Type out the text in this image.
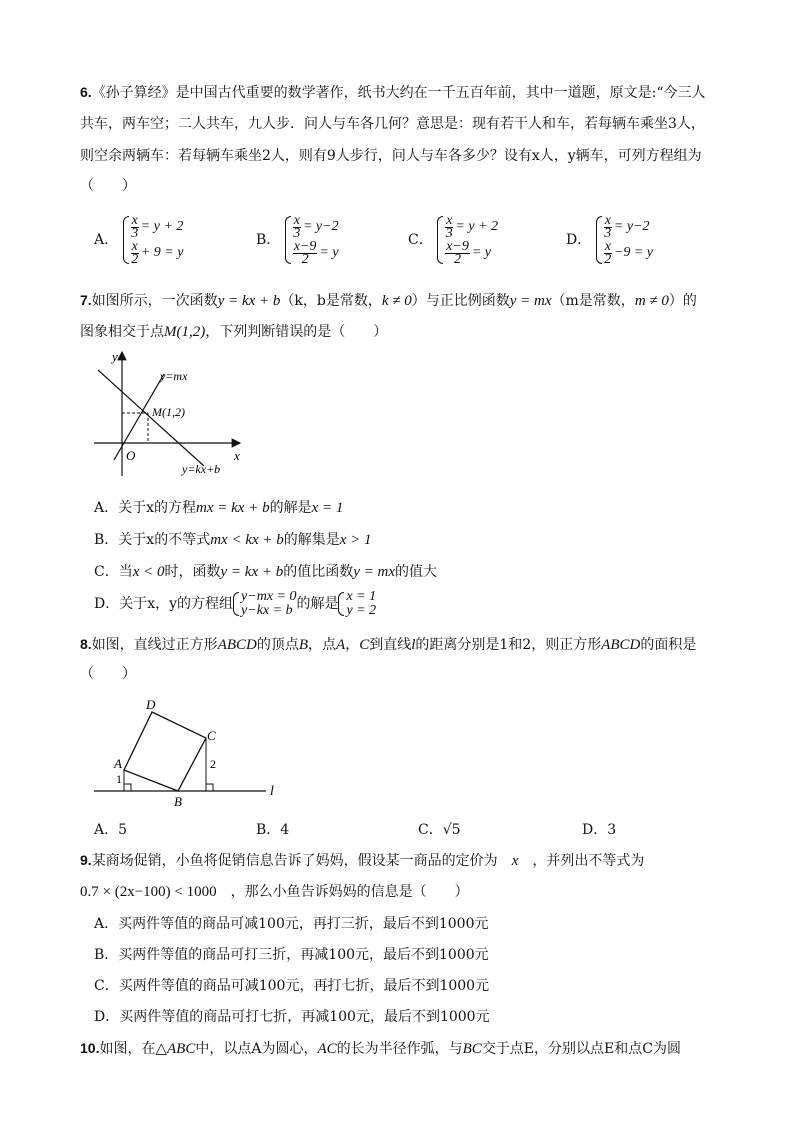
6.《孙子算经》是中国古代重要的数学著作，纸书大约在一千五百年前，其中一道题，原文是:“今三人
共车，两车空；二人共车，九人步．问人与车各几何？意思是：现有若干人和车，若每辆车乘坐3人，
则空余两辆车：若每辆车乘坐2人，则有9人步行，问人与车各多少？设有x人，y辆车，可列方程组为
（　　）
A．
$\frac{x}{3} = y + 2$
x
2 + 9 = y
B．
$\frac{x}{3} = y-2$
$\frac{x-9}{2} = y$
C．
$\frac{x}{3} = y + 2$
$\frac{x-9}{2} = y$
D．
$\frac{x}{3} = y-2$
x
2 −9 = y
7.如图所示，一次函数y = kx + b（k，b是常数，k ≠ 0）与正比例函数y = mx（m是常数，m ≠ 0）的
图象相交于点M(1,2)，下列判断错误的是（　　）
y
x
O
y=mx
M(1,2)
y=kx+b
A．关于x的方程mx = kx + b的解是x = 1
B．关于x的不等式mx < kx + b的解集是x > 1
C．当x < 0时，函数y = kx + b的值比函数y = mx的值大
D． 关于x，y的方程组 y−mx = 0
y−kx = b 的解是 x = 1
y = 2
8.如图，直线过正方形ABCD的顶点B，点A，C到直线l的距离分别是1和2，则正方形ABCD的面积是
（　　）
A
B
C
D
l
1
2
A．5	B．4	C．√5	D．3
9.某商场促销，小鱼将促销信息告诉了妈妈，假设某一商品的定价为　 x　 ，并列出不等式为
0.7 × (2x−100) < 1000　 ，那么小鱼告诉妈妈的信息是（　　）
A．买两件等值的商品可减100元，再打三折，最后不到1000元
B．买两件等值的商品可打三折，再减100元，最后不到1000元
C．买两件等值的商品可减100元，再打七折，最后不到1000元
D．买两件等值的商品可打七折，再减100元，最后不到1000元
10.如图，在△ABC中，以点A为圆心，AC的长为半径作弧，与BC交于点E，分别以点E和点C为圆
